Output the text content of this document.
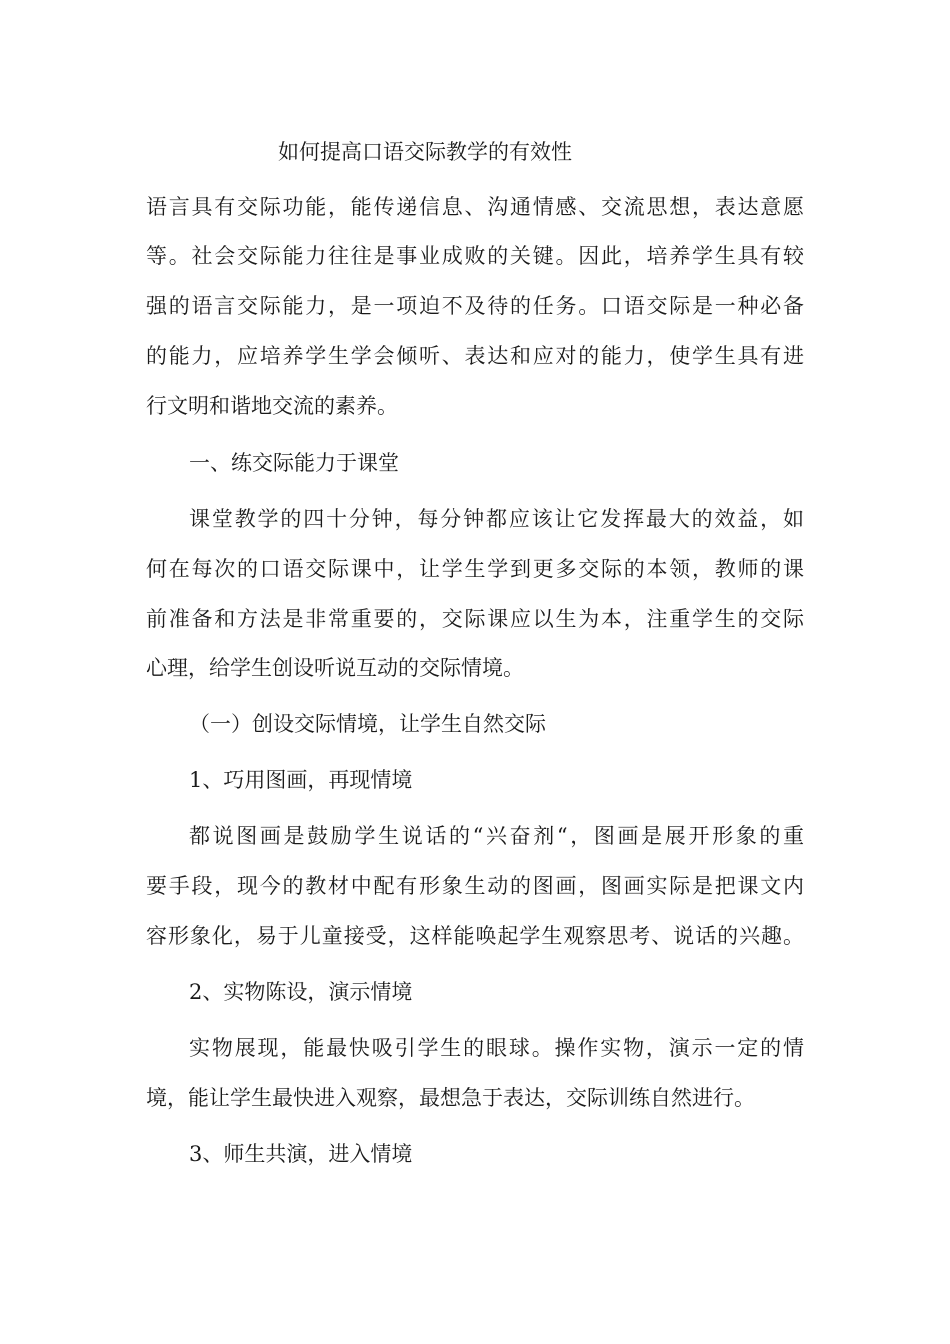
如何提高口语交际教学的有效性

语言具有交际功能，能传递信息、沟通情感、交流思想，表达意愿

等。社会交际能力往往是事业成败的关键。因此，培养学生具有较

强的语言交际能力，是一项迫不及待的任务。口语交际是一种必备

的能力，应培养学生学会倾听、表达和应对的能力，使学生具有进

行文明和谐地交流的素养。

一、练交际能力于课堂

课堂教学的四十分钟，每分钟都应该让它发挥最大的效益，如

何在每次的口语交际课中，让学生学到更多交际的本领，教师的课

前准备和方法是非常重要的，交际课应以生为本，注重学生的交际

心理，给学生创设听说互动的交际情境。

（一）创设交际情境，让学生自然交际

1、巧用图画，再现情境

都说图画是鼓励学生说话的“兴奋剂“，图画是展开形象的重

要手段，现今的教材中配有形象生动的图画，图画实际是把课文内

容形象化，易于儿童接受，这样能唤起学生观察思考、说话的兴趣。

2、实物陈设，演示情境

实物展现，能最快吸引学生的眼球。操作实物，演示一定的情

境，能让学生最快进入观察，最想急于表达，交际训练自然进行。

3、师生共演，进入情境
